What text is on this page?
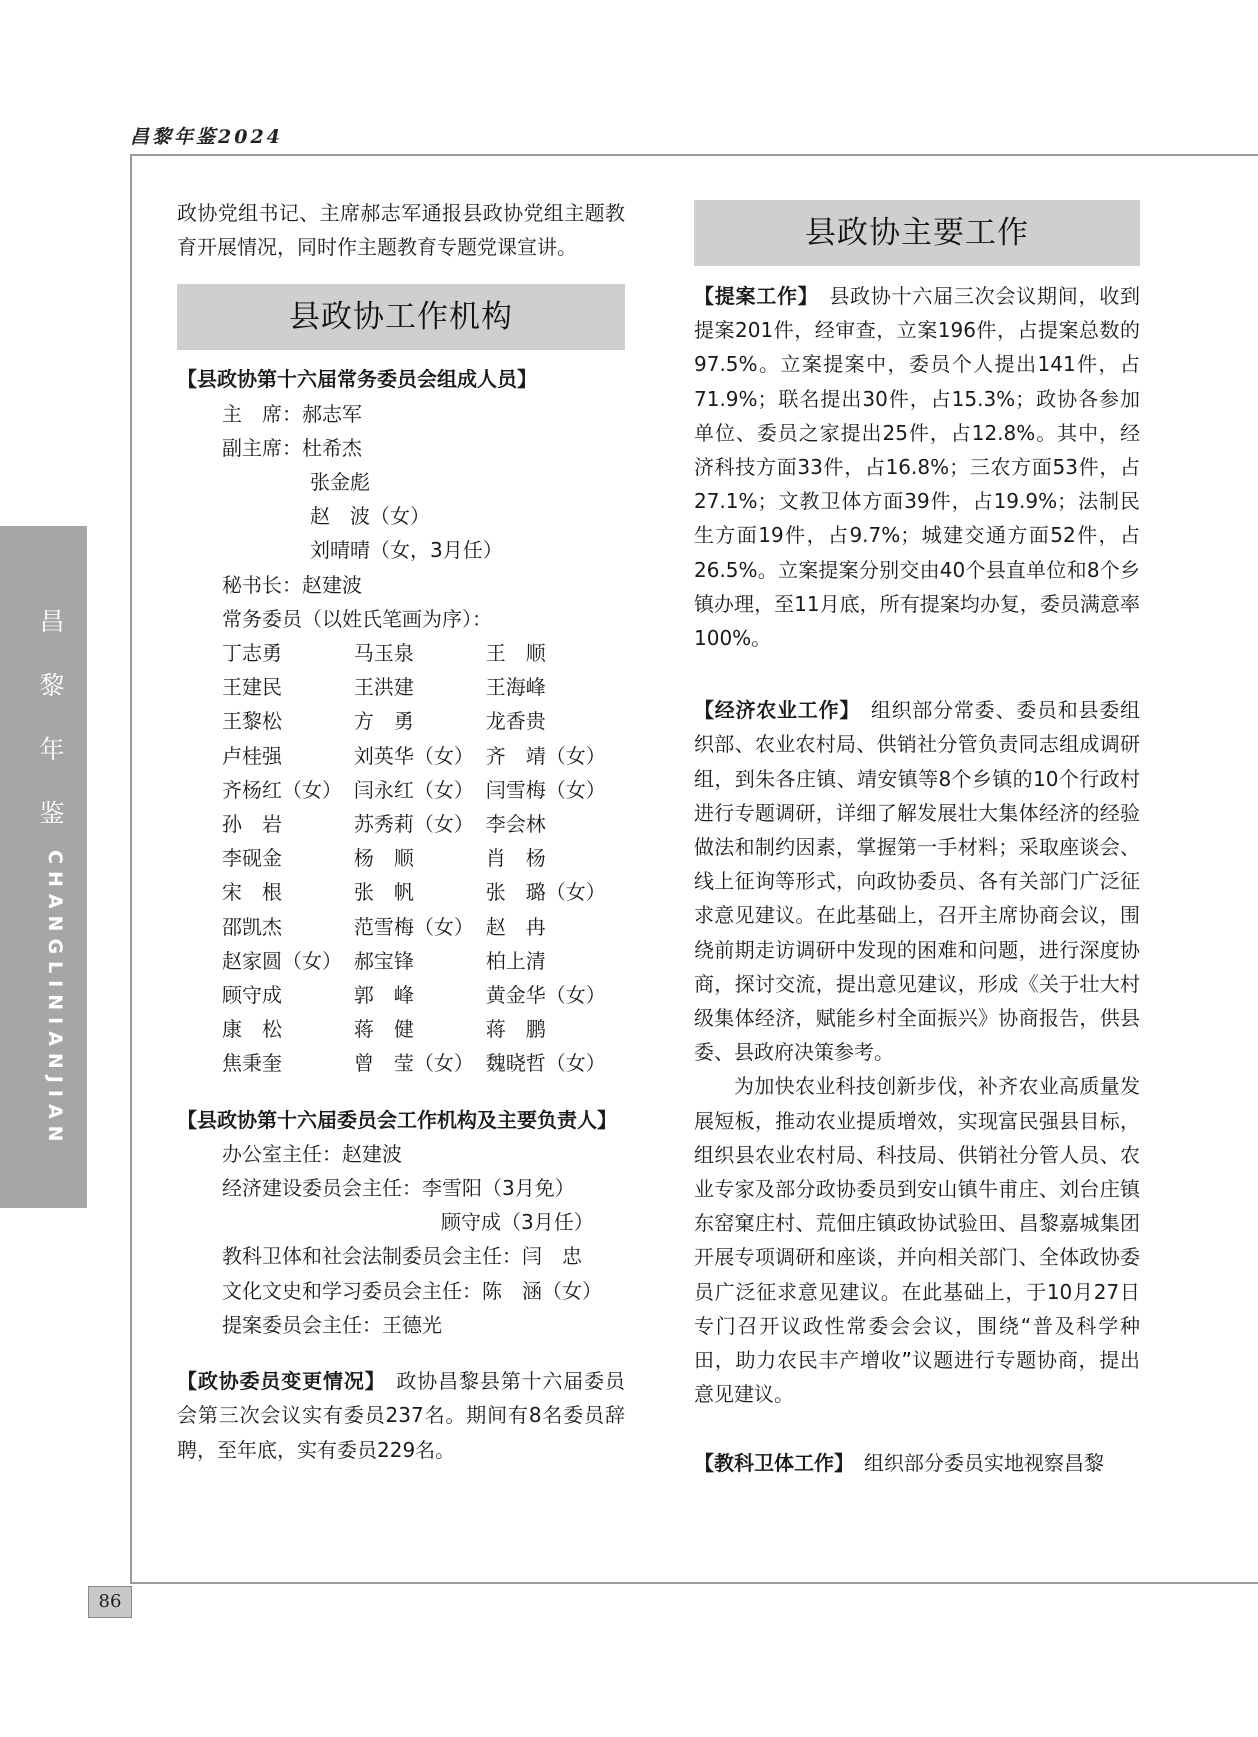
昌黎年鉴2024
昌
黎
年
鉴
CHANGLINIANJIAN
86

政协党组书记、主席郝志军通报县政协党组主题教育开展情况，同时作主题教育专题党课宣讲。

县政协工作机构

【县政协第十六届常务委员会组成人员】

主　席：郝志军

副主席：杜希杰

张金彪

赵　波（女）

刘晴晴（女，3月任）

秘书长：赵建波

常务委员（以姓氏笔画为序）：

丁志勇	马玉泉	王　顺
王建民	王洪建	王海峰
王黎松	方　勇	龙香贵
卢桂强	刘英华（女） 齐　靖（女）
齐杨红（女） 闫永红（女） 闫雪梅（女）
孙　岩	苏秀莉（女） 李会林
李砚金	杨　顺	肖　杨
宋　根	张　帆	张　璐（女）
邵凯杰	范雪梅（女） 赵　冉
赵家圆（女） 郝宝锋	柏上清
顾守成	郭　峰	黄金华（女）
康　松	蒋　健	蒋　鹏
焦秉奎	曾　莹（女） 魏晓哲（女）

【县政协第十六届委员会工作机构及主要负责人】

办公室主任：赵建波

经济建设委员会主任：李雪阳（3月免）

顾守成（3月任）

教科卫体和社会法制委员会主任：闫　忠

文化文史和学习委员会主任：陈　涵（女）

提案委员会主任：王德光

【政协委员变更情况】　政协昌黎县第十六届委员会第三次会议实有委员237名。期间有8名委员辞聘，至年底，实有委员229名。

县政协主要工作

【提案工作】　县政协十六届三次会议期间，收到提案201件，经审查，立案196件，占提案总数的97.5%。立案提案中，委员个人提出141件，占71.9%；联名提出30件，占15.3%；政协各参加单位、委员之家提出25件，占12.8%。其中，经济科技方面33件，占16.8%；三农方面53件，占27.1%；文教卫体方面39件，占19.9%；法制民生方面19件，占9.7%；城建交通方面52件，占26.5%。立案提案分别交由40个县直单位和8个乡镇办理，至11月底，所有提案均办复，委员满意率100%。

【经济农业工作】　组织部分常委、委员和县委组织部、农业农村局、供销社分管负责同志组成调研组，到朱各庄镇、靖安镇等8个乡镇的10个行政村进行专题调研，详细了解发展壮大集体经济的经验做法和制约因素，掌握第一手材料；采取座谈会、线上征询等形式，向政协委员、各有关部门广泛征求意见建议。在此基础上，召开主席协商会议，围绕前期走访调研中发现的困难和问题，进行深度协商，探讨交流，提出意见建议，形成《关于壮大村级集体经济，赋能乡村全面振兴》协商报告，供县委、县政府决策参考。

为加快农业科技创新步伐，补齐农业高质量发展短板，推动农业提质增效，实现富民强县目标，组织县农业农村局、科技局、供销社分管人员、农业专家及部分政协委员到安山镇牛甫庄、刘台庄镇东窑窠庄村、荒佃庄镇政协试验田、昌黎嘉城集团开展专项调研和座谈，并向相关部门、全体政协委员广泛征求意见建议。在此基础上，于10月27日专门召开议政性常委会会议，围绕“普及科学种田，助力农民丰产增收”议题进行专题协商，提出意见建议。

【教科卫体工作】　组织部分委员实地视察昌黎
